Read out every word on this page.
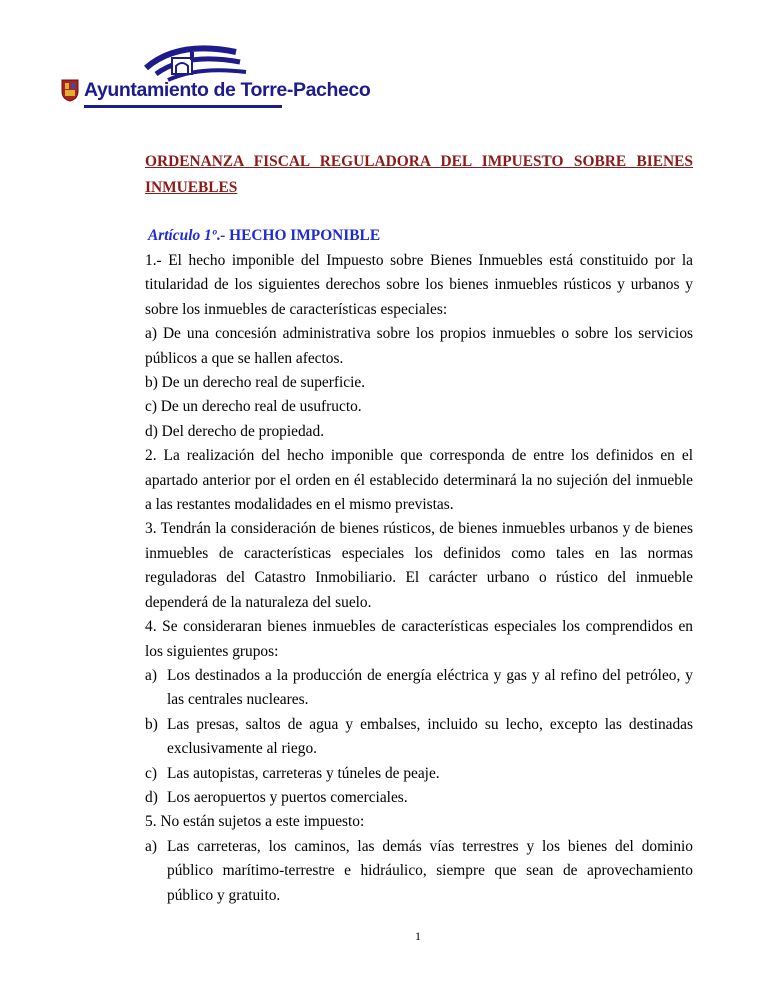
Ayuntamiento de Torre-Pacheco

ORDENANZA FISCAL REGULADORA DEL IMPUESTO SOBRE BIENES

INMUEBLES

Artículo 1º.- HECHO IMPONIBLE

1.- El hecho imponible del Impuesto sobre Bienes Inmuebles está constituido por la

titularidad de los siguientes derechos sobre los bienes inmuebles rústicos y urbanos y

sobre los inmuebles de características especiales:

a) De una concesión administrativa sobre los propios inmuebles o sobre los servicios

públicos a que se hallen afectos.

b) De un derecho real de superficie.

c) De un derecho real de usufructo.

d) Del derecho de propiedad.

2. La realización del hecho imponible que corresponda de entre los definidos en el

apartado anterior por el orden en él establecido determinará la no sujeción del inmueble

a las restantes modalidades en el mismo previstas.

3. Tendrán la consideración de bienes rústicos, de bienes inmuebles urbanos y de bienes

inmuebles de características especiales los definidos como tales en las normas

reguladoras del Catastro Inmobiliario. El carácter urbano o rústico del inmueble

dependerá de la naturaleza del suelo.

4. Se consideraran bienes inmuebles de características especiales los comprendidos en

los siguientes grupos:

a) Los destinados a la producción de energía eléctrica y gas y al refino del petróleo, y

las centrales nucleares.

b) Las presas, saltos de agua y embalses, incluido su lecho, excepto las destinadas

exclusivamente al riego.

c) Las autopistas, carreteras y túneles de peaje.

d) Los aeropuertos y puertos comerciales.

5. No están sujetos a este impuesto:

a) Las carreteras, los caminos, las demás vías terrestres y los bienes del dominio

público marítimo-terrestre e hidráulico, siempre que sean de aprovechamiento

público y gratuito.

1
